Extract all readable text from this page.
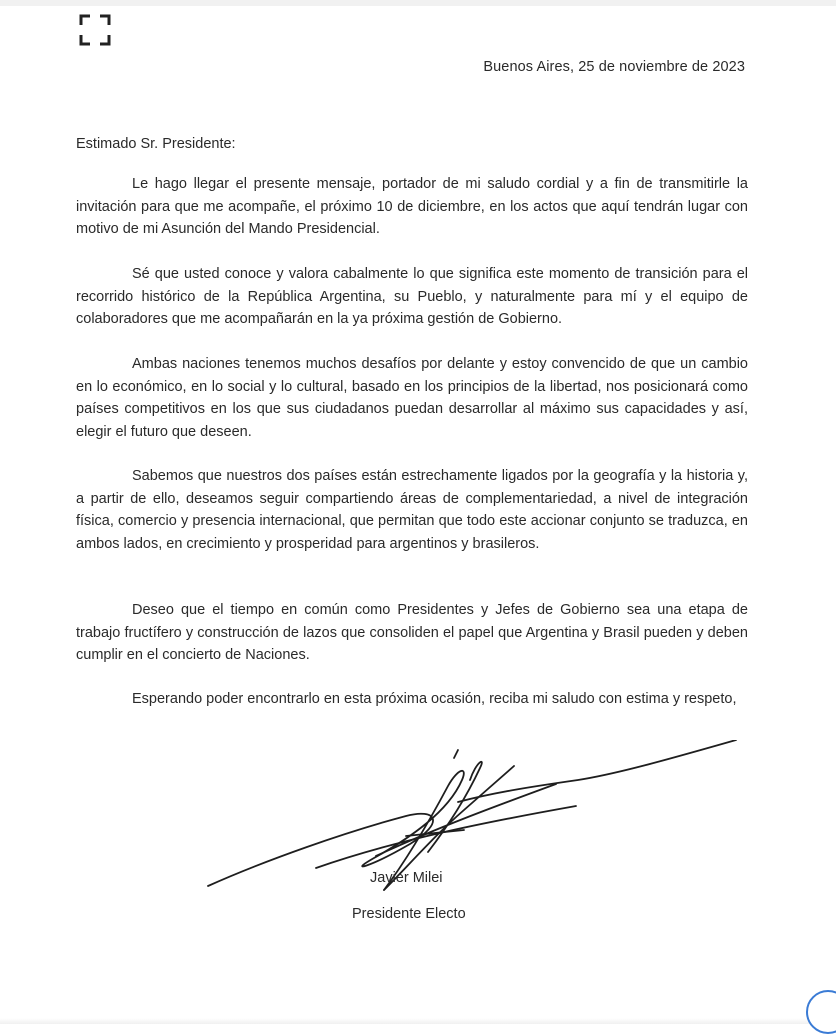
Buenos Aires, 25 de noviembre de 2023
Estimado Sr. Presidente:

Le hago llegar el presente mensaje, portador de mi saludo cordial y a fin de transmitirle la invitación para que me acompañe, el próximo 10 de diciembre, en los actos que aquí tendrán lugar con motivo de mi Asunción del Mando Presidencial.

Sé que usted conoce y valora cabalmente lo que significa este momento de transición para el recorrido histórico de la República Argentina, su Pueblo, y naturalmente para mí y el equipo de colaboradores que me acompañarán en la ya próxima gestión de Gobierno.

Ambas naciones tenemos muchos desafíos por delante y estoy convencido de que un cambio en lo económico, en lo social y lo cultural, basado en los principios de la libertad, nos posicionará como países competitivos en los que sus ciudadanos puedan desarrollar al máximo sus capacidades y así, elegir el futuro que deseen.

Sabemos que nuestros dos países están estrechamente ligados por la geografía y la historia y, a partir de ello, deseamos seguir compartiendo áreas de complementariedad, a nivel de integración física, comercio y presencia internacional, que permitan que todo este accionar conjunto se traduzca, en ambos lados, en crecimiento y prosperidad para argentinos y brasileros.

Deseo que el tiempo en común como Presidentes y Jefes de Gobierno sea una etapa de trabajo fructífero y construcción de lazos que consoliden el papel que Argentina y Brasil pueden y deben cumplir en el concierto de Naciones.

Esperando poder encontrarlo en esta próxima ocasión, reciba mi saludo con estima y respeto,

Javier Milei
Presidente Electo
